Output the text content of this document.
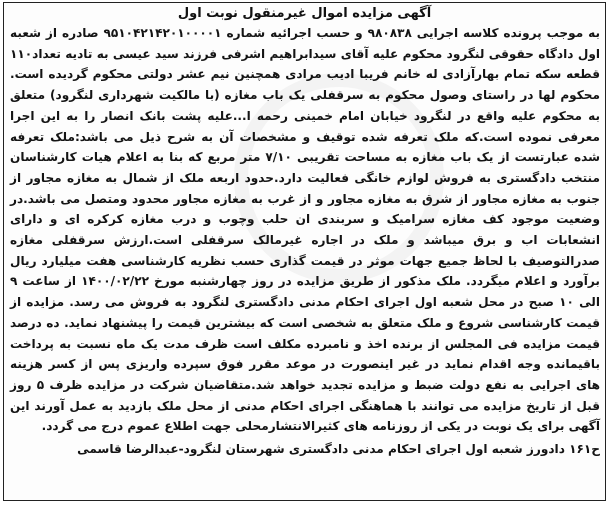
آگهی مزایده اموال غیرمنقول نوبت اول

به موجب پرونده کلاسه اجرایی ۹۸۰۸۳۸ و حسب اجرائیه شماره ۹۵۱۰۴۲۱۴۲۰۱۰۰۰۰۱ صادره از شعبه اول دادگاه حقوقی لنگرود محکوم علیه آقای سیدابراهیم اشرفی فرزند سید عیسی به تادیه تعداد۱۱۰ قطعه سکه تمام بهارآزادی له خانم فریبا ادیب مرادی همچنین نیم عشر دولتی محکوم گردیده است. محکوم لها در راستای وصول محکوم به سرقفلی یک باب مغازه (با مالکیت شهرداری لنگرود) متعلق به محکوم علیه واقع در لنگرود خیابان امام خمینی رحمه ا...علیه پشت بانک انصار را به این اجرا معرفی نموده است.که ملک تعرفه شده توقیف و مشخصات آن به شرح ذیل می باشد:ملک تعرفه شده عبارتست از یک باب مغازه به مساحت تقریبی ۷/۱۰ متر مربع که بنا به اعلام هیات کارشناسان منتخب دادگستری به فروش لوازم خانگی فعالیت دارد.حدود اربعه ملک از شمال به مغازه مجاور از جنوب به مغازه مجاور از شرق به مغازه مجاور و از غرب به مغازه مجاور محدود ومتصل می باشد.در وضعیت موجود کف مغازه سرامیک و سربندی ان حلب وچوب و درب مغازه کرکره ای و دارای انشعابات اب و برق میباشد و ملک در اجاره غیرمالک سرقفلی است.ارزش سرقفلی مغازه صدرالتوصیف با لحاظ جمیع جهات موثر در قیمت گذاری حسب نظریه کارشناسی هفت میلیارد ریال برآورد و اعلام میگردد. ملک مذکور از طریق مزایده در روز چهارشنبه مورخ ۱۴۰۰/۰۲/۲۲ از ساعت ۹ الی ۱۰ صبح در محل شعبه اول اجرای احکام مدنی دادگستری لنگرود به فروش می رسد. مزایده از قیمت کارشناسی شروع و ملک متعلق به شخصی است که بیشترین قیمت را پیشنهاد نماید. ده درصد قیمت مزایده فی المجلس از برنده اخذ و نامبرده مکلف است ظرف مدت یک ماه نسبت به پرداخت باقیمانده وجه اقدام نماید در غیر اینصورت در موعد مقرر فوق سپرده واریزی پس از کسر هزینه های اجرایی به نفع دولت ضبط و مزایده تجدید خواهد شد.متقاضیان شرکت در مزایده ظرف ۵ روز قبل از تاریخ مزایده می توانند با هماهنگی اجرای احکام مدنی از محل ملک بازدید به عمل آورند این آگهی برای یک نوبت در یکی از روزنامه های کثیرالانتشارمحلی جهت اطلاع عموم درج می گردد.

ح۱۶۱ دادورز شعبه اول اجرای احکام مدنی دادگستری شهرستان لنگرود-عبدالرضا قاسمی
